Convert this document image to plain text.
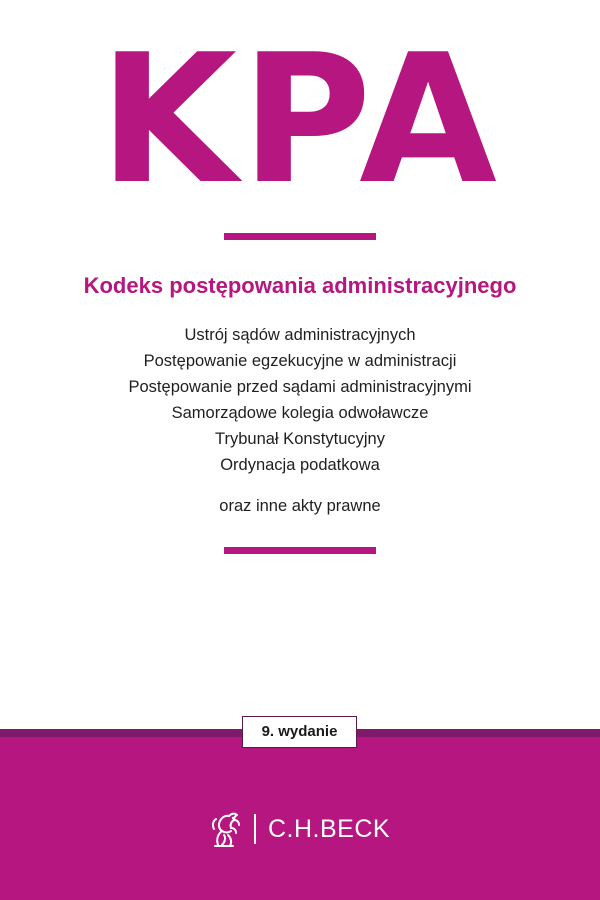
KPA
Kodeks postępowania administracyjnego
Ustrój sądów administracyjnych
Postępowanie egzekucyjne w administracji
Postępowanie przed sądami administracyjnymi
Samorządowe kolegia odwoławcze
Trybunał Konstytucyjny
Ordynacja podatkowa
oraz inne akty prawne
9. wydanie
C.H.BECK
